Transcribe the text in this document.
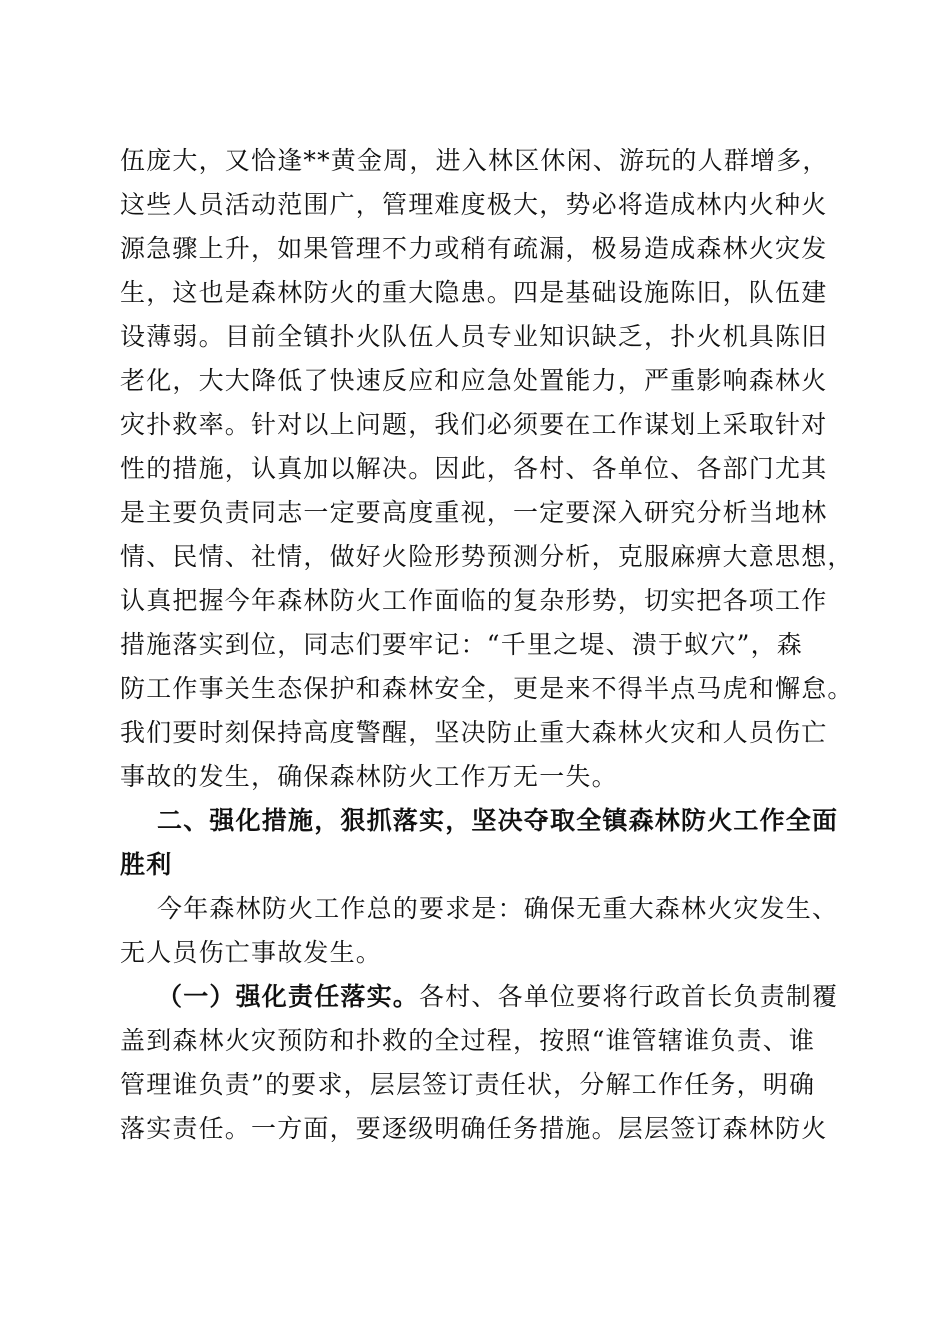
伍庞大，又恰逢**黄金周，进入林区休闲、游玩的人群增多，
这些人员活动范围广，管理难度极大，势必将造成林内火种火
源急骤上升，如果管理不力或稍有疏漏，极易造成森林火灾发
生，这也是森林防火的重大隐患。四是基础设施陈旧，队伍建
设薄弱。目前全镇扑火队伍人员专业知识缺乏，扑火机具陈旧
老化，大大降低了快速反应和应急处置能力，严重影响森林火
灾扑救率。针对以上问题，我们必须要在工作谋划上采取针对
性的措施，认真加以解决。因此，各村、各单位、各部门尤其
是主要负责同志一定要高度重视，一定要深入研究分析当地林
情、民情、社情，做好火险形势预测分析，克服麻痹大意思想，
认真把握今年森林防火工作面临的复杂形势，切实把各项工作
措施落实到位，同志们要牢记：“千里之堤、溃于蚁穴”，森
防工作事关生态保护和森林安全，更是来不得半点马虎和懈怠。
我们要时刻保持高度警醒，坚决防止重大森林火灾和人员伤亡
事故的发生，确保森林防火工作万无一失。
二、强化措施，狠抓落实，坚决夺取全镇森林防火工作全面
胜利
今年森林防火工作总的要求是：确保无重大森林火灾发生、
无人员伤亡事故发生。
（一）强化责任落实。各村、各单位要将行政首长负责制覆
盖到森林火灾预防和扑救的全过程，按照“谁管辖谁负责、谁
管理谁负责”的要求，层层签订责任状，分解工作任务，明确
落实责任。一方面，要逐级明确任务措施。层层签订森林防火
